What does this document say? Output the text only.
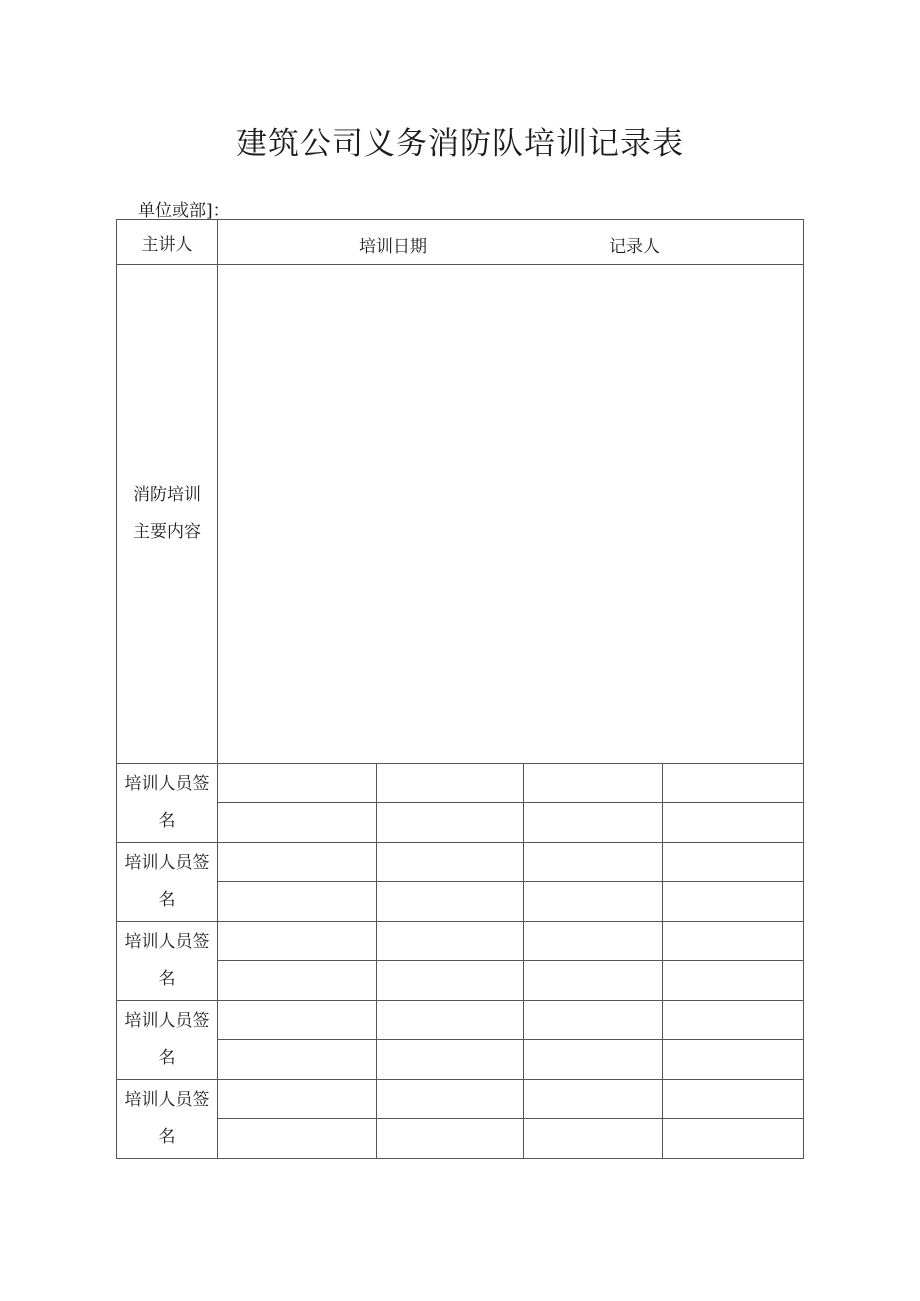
建筑公司义务消防队培训记录表
单位或部]：
主讲人	培训日期 记录人			

消防培训
主要内容				

培训人员签
名				

培训人员签
名				

培训人员签
名				

培训人员签
名				

培训人员签
名				
